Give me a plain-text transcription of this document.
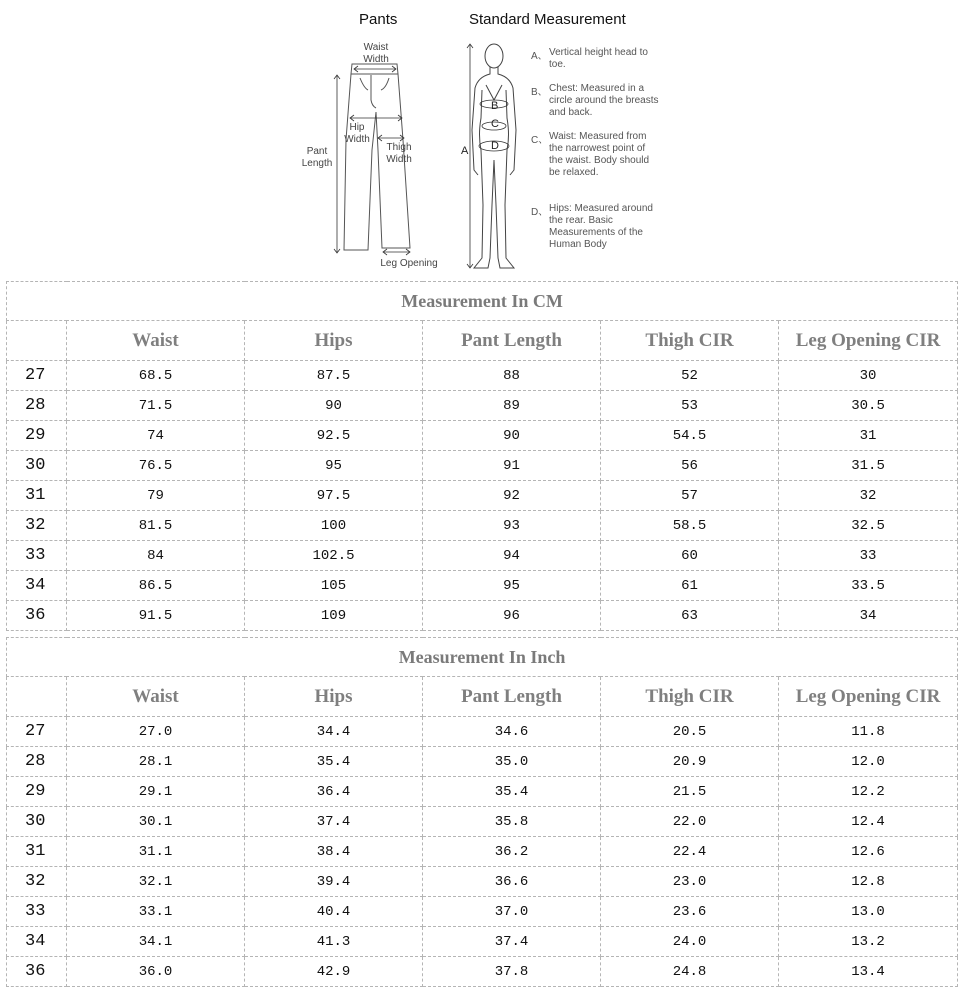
Pants	Standard Measurement
Waist Width
Hip Width
Thigh Width
Pant Length
Leg Opening
A
B
C
D
A、 Vertical height head to toe.
B、 Chest: Measured in a circle around the breasts and back.
C、 Waist: Measured from the narrowest point of the waist. Body should be relaxed.
D、 Hips: Measured around the rear. Basic Measurements of the Human Body
Measurement In CM					
	Waist	Hips	Pant Length	Thigh CIR	Leg Opening CIR
27	68.5	87.5	88	52	30
28	71.5	90	89	53	30.5
29	74	92.5	90	54.5	31
30	76.5	95	91	56	31.5
31	79	97.5	92	57	32
32	81.5	100	93	58.5	32.5
33	84	102.5	94	60	33
34	86.5	105	95	61	33.5
36	91.5	109	96	63	34
Measurement In Inch					
	Waist	Hips	Pant Length	Thigh CIR	Leg Opening CIR
27	27.0	34.4	34.6	20.5	11.8
28	28.1	35.4	35.0	20.9	12.0
29	29.1	36.4	35.4	21.5	12.2
30	30.1	37.4	35.8	22.0	12.4
31	31.1	38.4	36.2	22.4	12.6
32	32.1	39.4	36.6	23.0	12.8
33	33.1	40.4	37.0	23.6	13.0
34	34.1	41.3	37.4	24.0	13.2
36	36.0	42.9	37.8	24.8	13.4
